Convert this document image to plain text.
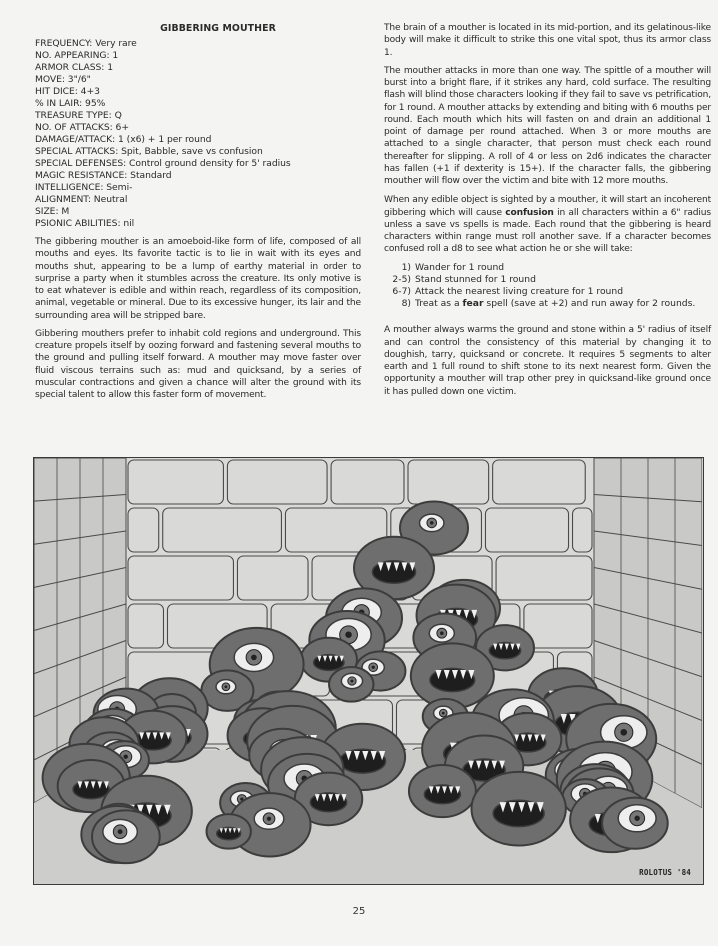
GIBBERING MOUTHER
FREQUENCY: Very rare
NO. APPEARING: 1
ARMOR CLASS: 1
MOVE: 3"/6"
HIT DICE: 4+3
% IN LAIR: 95%
TREASURE TYPE: Q
NO. OF ATTACKS: 6+
DAMAGE/ATTACK: 1 (x6) + 1 per round
SPECIAL ATTACKS: Spit, Babble, save vs confusion
SPECIAL DEFENSES: Control ground density for 5' radius
MAGIC RESISTANCE: Standard
INTELLIGENCE: Semi-
ALIGNMENT: Neutral
SIZE: M
PSIONIC ABILITIES: nil

The gibbering mouther is an amoeboid-like form of life, composed of all mouths and eyes. Its favorite tactic is to lie in wait with its eyes and mouths shut, appearing to be a lump of earthy material in order to surprise a party when it stumbles across the creature. Its only motive is to eat whatever is edible and within reach, regardless of its composition, animal, vegetable or mineral. Due to its excessive hunger, its lair and the surrounding area will be stripped bare.

Gibbering mouthers prefer to inhabit cold regions and underground. This creature propels itself by oozing forward and fastening several mouths to the ground and pulling itself forward. A mouther may move faster over fluid viscous terrains such as: mud and quicksand, by a series of muscular contractions and given a chance will alter the ground with its special talent to allow this faster form of movement.

The brain of a mouther is located in its mid-portion, and its gelatinous-like body will make it difficult to strike this one vital spot, thus its armor class 1.

The mouther attacks in more than one way. The spittle of a mouther will burst into a bright flare, if it strikes any hard, cold surface. The resulting flash will blind those characters looking if they fail to save vs petrification, for 1 round. A mouther attacks by extending and biting with 6 mouths per round. Each mouth which hits will fasten on and drain an additional 1 point of damage per round attached. When 3 or more mouths are attached to a single character, that person must check each round thereafter for slipping. A roll of 4 or less on 2d6 indicates the character has fallen (+1 if dexterity is 15+). If the character falls, the gibbering mouther will flow over the victim and bite with 12 more mouths.

When any edible object is sighted by a mouther, it will start an incoherent gibbering which will cause confusion in all characters within a 6" radius unless a save vs spells is made. Each round that the gibbering is heard characters within range must roll another save. If a character becomes confused roll a d8 to see what action he or she will take:

1) Wander for 1 round
2-5) Stand stunned for 1 round
6-7) Attack the nearest living creature for 1 round
8) Treat as a fear spell (save at +2) and run away for 2 rounds.

A mouther always warms the ground and stone within a 5' radius of itself and can control the consistency of this material by changing it to doughish, tarry, quicksand or concrete. It requires 5 segments to alter earth and 1 full round to shift stone to its next nearest form. Given the opportunity a mouther will trap other prey in quicksand-like ground once it has pulled down one victim.

ROLOTUS '84
25
